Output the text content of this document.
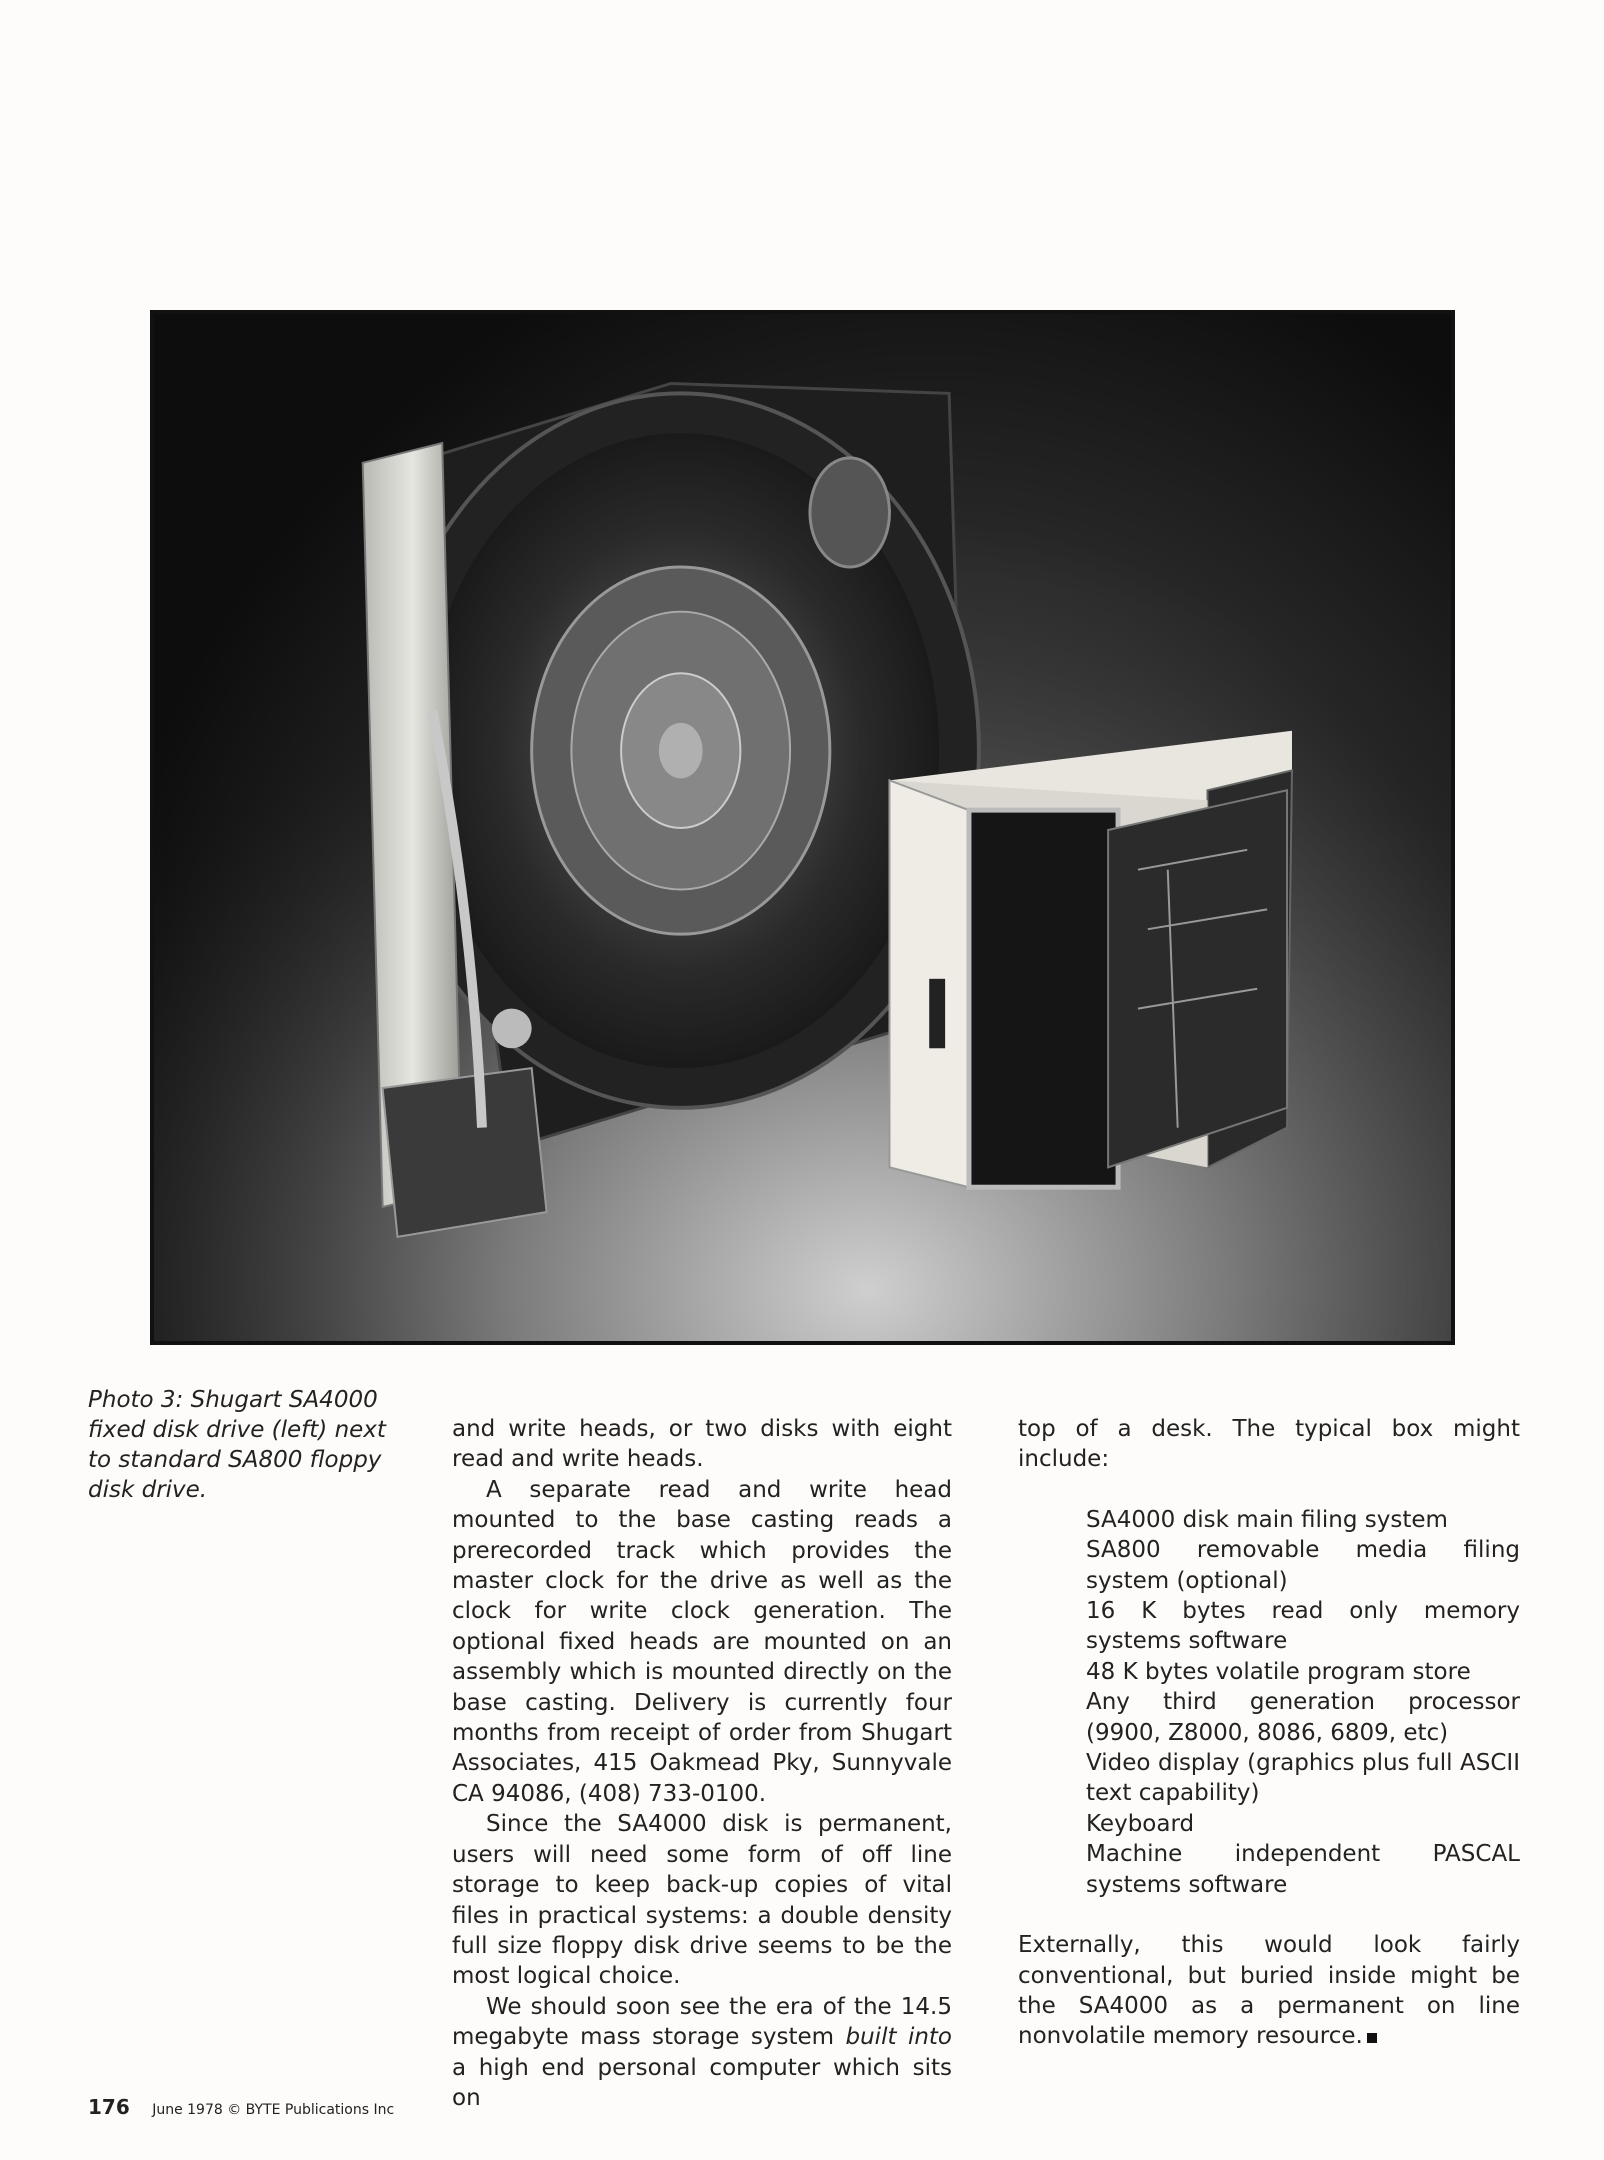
Photo 3: Shugart SA4000 fixed disk drive (left) next to standard SA800 floppy disk drive.

and write heads, or two disks with eight read and write heads.

A separate read and write head mounted to the base casting reads a prerecorded track which provides the master clock for the drive as well as the clock for write clock generation. The optional fixed heads are mounted on an assembly which is mounted directly on the base casting. Delivery is currently four months from receipt of order from Shugart Associates, 415 Oakmead Pky, Sunnyvale CA 94086, (408) 733-0100.

Since the SA4000 disk is permanent, users will need some form of off line storage to keep back-up copies of vital files in practical systems: a double density full size floppy disk drive seems to be the most logical choice.

We should soon see the era of the 14.5 megabyte mass storage system built into a high end personal computer which sits on

top of a desk. The typical box might include:

SA4000 disk main filing system
SA800 removable media filing system (optional)
16 K bytes read only memory systems software
48 K bytes volatile program store
Any third generation processor (9900, Z8000, 8086, 6809, etc)
Video display (graphics plus full ASCII text capability)
Keyboard
Machine independent PASCAL systems software

Externally, this would look fairly conventional, but buried inside might be the SA4000 as a permanent on line nonvolatile memory resource.

176 June 1978 © BYTE Publications Inc
